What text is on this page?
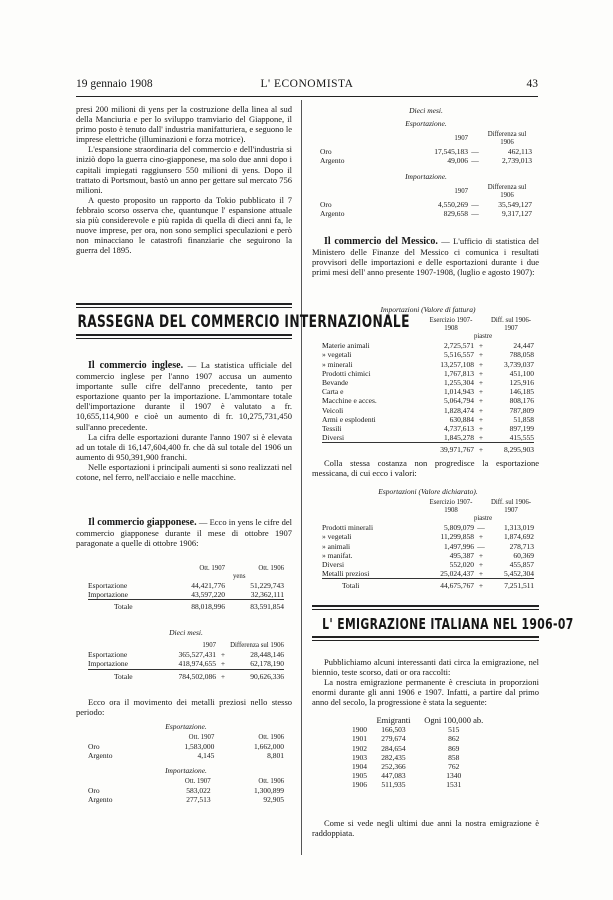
19 gennaio 1908	L' ECONOMISTA	43

presi 200 milioni di yens per la costruzione della linea al sud della Manciuria e per lo sviluppo tramviario del Giappone, il primo posto è tenuto dall' industria manifatturiera, e seguono le imprese elettriche (illuminazioni e forza motrice).

L'espansione straordinaria del commercio e dell'industria si iniziò dopo la guerra cino-giapponese, ma solo due anni dopo i capitali impiegati raggiunsero 550 milioni di yens. Dopo il trattato di Portsmout, bastò un anno per gettare sul mercato 756 milioni.

A questo proposito un rapporto da Tokio pubblicato il 7 febbraio scorso osserva che, quantunque l' espansione attuale sia più considerevole e più rapida di quella di dieci anni fa, le nuove imprese, per ora, non sono semplici speculazioni e però non minacciano le catastrofi finanziarie che seguirono la guerra del 1895.

RASSEGNA DEL COMMERCIO INTERNAZIONALE

Il commercio inglese. — La statistica ufficiale del commercio inglese per l'anno 1907 accusa un aumento importante sulle cifre dell'anno precedente, tanto per esportazione quanto per la importazione. L'ammontare totale dell'importazione durante il 1907 è valutato a fr. 10,655,114,900 e cioè un aumento di fr. 10,275,731,450 sull'anno precedente.

La cifra delle esportazioni durante l'anno 1907 si è elevata ad un totale di 16,147,604,400 fr. che dà sul totale del 1906 un aumento di 950,391,900 franchi.

Nelle esportazioni i principali aumenti si sono realizzati nel cotone, nel ferro, nell'acciaio e nelle macchine.

Il commercio giapponese. — Ecco in yens le cifre del commercio giapponese durante il mese di ottobre 1907 paragonate a quelle di ottobre 1906:

	Ott. 1907	Ott. 1906
		yens
Esportazione	44,421,776	51,229,743
Importazione	43,597,220	32,362,111
Totale	88,018,996	83,591,854

Dieci mesi.

	1907		Differenza sul 1906
Esportazione	365,527,431	+	28,448,146
Importazione	418,974,655	+	62,178,190
Totale	784,502,086	+	90,626,336

Ecco ora il movimento dei metalli preziosi nello stesso periodo:

Esportazione.

	Ott. 1907	Ott. 1906
Oro	1,583,000	1,662,000
Argento	4,145	8,801

Importazione.

	Ott. 1907	Ott. 1906
Oro	583,022	1,300,899
Argento	277,513	92,905

Dieci mesi.

Esportazione.

	1907		Differenza sul 1906
Oro	17,545,183	—	462,113
Argento	49,006	—	2,739,013

Importazione.

	1907		Differenza sul 1906
Oro	4,550,269	—	35,549,127
Argento	829,658	—	9,317,127

Il commercio del Messico. — L'ufficio di statistica del Ministero delle Finanze del Messico ci comunica i resultati provvisori delle importazioni e delle esportazioni durante i due primi mesi dell' anno presente 1907-1908, (luglio e agosto 1907):

Importazioni (Valore di fattura)

	Esercizio 1907-1908		Diff. sul 1906-1907
		piastre	
Materie animali	2,725,571	+	24,447
» vegetali	5,516,557	+	788,058
» minerali	13,257,108	+	3,739,037
Prodotti chimici	1,767,813	+	451,100
Bevande	1,255,304	+	125,916
Carta e	1,014,943	+	146,185
Macchine e acces.	5,064,794	+	808,176
Veicoli	1,828,474	+	787,809
Armi e esplodenti	630,884	+	51,858
Tessili	4,737,613	+	897,199
Diversi	1,845,278	+	415,555
	39,971,767	+	8,295,903

Colla stessa costanza non progredisce la esportazione messicana, di cui ecco i valori:

Esportazioni (Valore dichiarato).

	Esercizio 1907-1908		Diff. sul 1906-1907
		piastre	
Prodotti minerali	5,809,079	—	1,313,019
» vegetali	11,299,858	+	1,874,692
» animali	1,497,996	—	278,713
» manifat.	495,387	+	60,369
Diversi	552,020	+	455,857
Metalli preziosi	25,024,437	+	5,452,304
Totali	44,675,767	+	7,251,511
L' EMIGRAZIONE ITALIANA NEL 1906-07

Pubblichiamo alcuni interessanti dati circa la emigrazione, nel biennio, teste scorso, dati or ora raccolti:

La nostra emigrazione permanente è cresciuta in proporzioni enormi durante gli anni 1906 e 1907. Infatti, a partire dal primo anno del secolo, la progressione è stata la seguente:

	Emigranti	Ogni 100,000 ab.
1900	166,503	515
1901	279,674	862
1902	284,654	869
1903	282,435	858
1904	252,366	762
1905	447,083	1340
1906	511,935	1531

Come si vede negli ultimi due anni la nostra emigrazione è raddoppiata.
